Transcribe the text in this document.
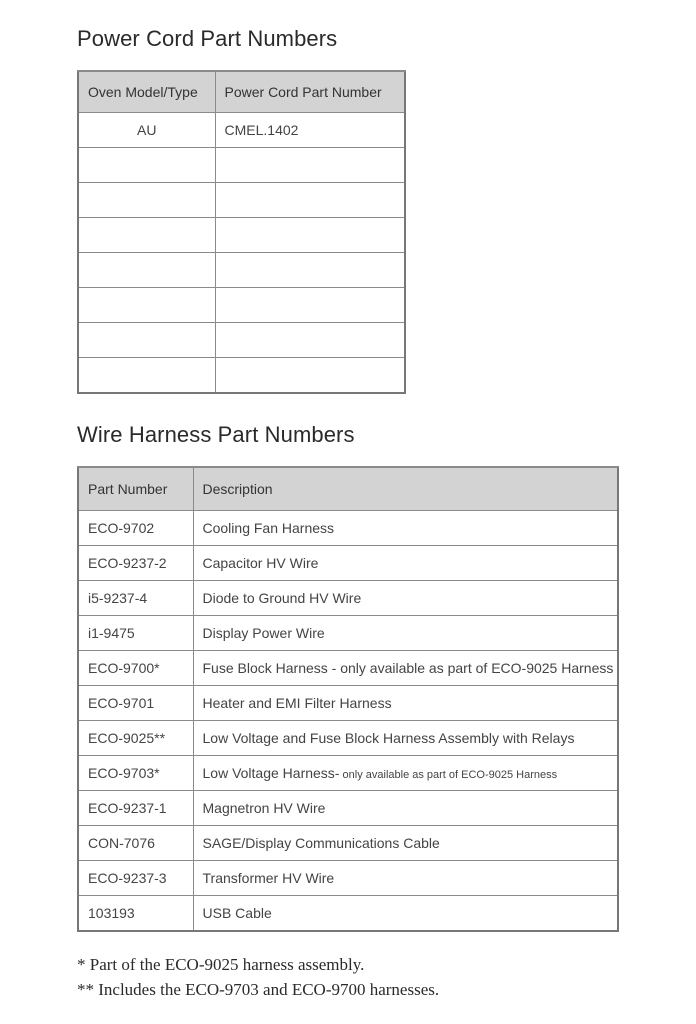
Power Cord Part Numbers
Oven Model/Type	Power Cord Part Number
AU	CMEL.1402

Wire Harness Part Numbers
Part Number	Description
ECO-9702	Cooling Fan Harness
ECO-9237-2	Capacitor HV Wire
i5-9237-4	Diode to Ground HV Wire
i1-9475	Display Power Wire
ECO-9700*	Fuse Block Harness - only available as part of ECO-9025 Harness
ECO-9701	Heater and EMI Filter Harness
ECO-9025**	Low Voltage and Fuse Block Harness Assembly with Relays
ECO-9703*	Low Voltage Harness- only available as part of ECO-9025 Harness
ECO-9237-1	Magnetron HV Wire
CON-7076	SAGE/Display Communications Cable
ECO-9237-3	Transformer HV Wire
103193	USB Cable

* Part of the ECO-9025 harness assembly.

** Includes the ECO-9703 and ECO-9700 harnesses.
